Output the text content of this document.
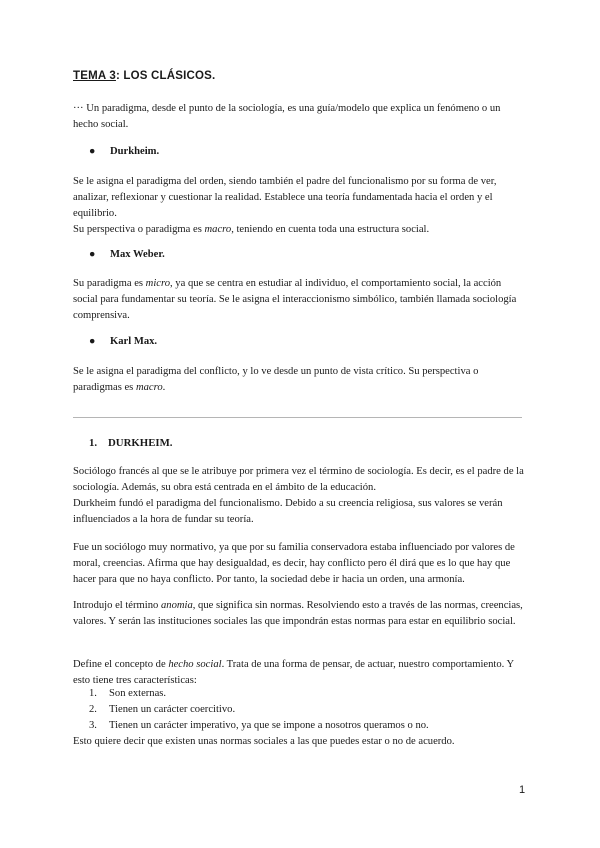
TEMA 3: LOS CLÁSICOS.

··· Un paradigma, desde el punto de la sociología, es una guía/modelo que explica un fenómeno o un hecho social.

● Durkheim.

Se le asigna el paradigma del orden, siendo también el padre del funcionalismo por su forma de ver, analizar, reflexionar y cuestionar la realidad. Establece una teoría fundamentada hacia el orden y el equilibrio.
Su perspectiva o paradigma es macro, teniendo en cuenta toda una estructura social.

● Max Weber.

Su paradigma es micro, ya que se centra en estudiar al individuo, el comportamiento social, la acción social para fundamentar su teoría. Se le asigna el interaccionismo simbólico, también llamada sociología comprensiva.

● Karl Max.

Se le asigna el paradigma del conflicto, y lo ve desde un punto de vista crítico. Su perspectiva o paradigmas es macro.

1. DURKHEIM.

Sociólogo francés al que se le atribuye por primera vez el término de sociología. Es decir, es el padre de la sociología. Además, su obra está centrada en el ámbito de la educación.
Durkheim fundó el paradigma del funcionalismo. Debido a su creencia religiosa, sus valores se verán influenciados a la hora de fundar su teoría.

Fue un sociólogo muy normativo, ya que por su familia conservadora estaba influenciado por valores de moral, creencias. Afirma que hay desigualdad, es decir, hay conflicto pero él dirá que es lo que hay que hacer para que no haya conflicto. Por tanto, la sociedad debe ir hacia un orden, una armonía.

Introdujo el término anomia, que significa sin normas. Resolviendo esto a través de las normas, creencias, valores. Y serán las instituciones sociales las que impondrán estas normas para estar en equilibrio social.

Define el concepto de hecho social. Trata de una forma de pensar, de actuar, nuestro comportamiento. Y esto tiene tres características:

1. Son externas.
2. Tienen un carácter coercitivo.
3. Tienen un carácter imperativo, ya que se impone a nosotros queramos o no.

Esto quiere decir que existen unas normas sociales a las que puedes estar o no de acuerdo.

1
